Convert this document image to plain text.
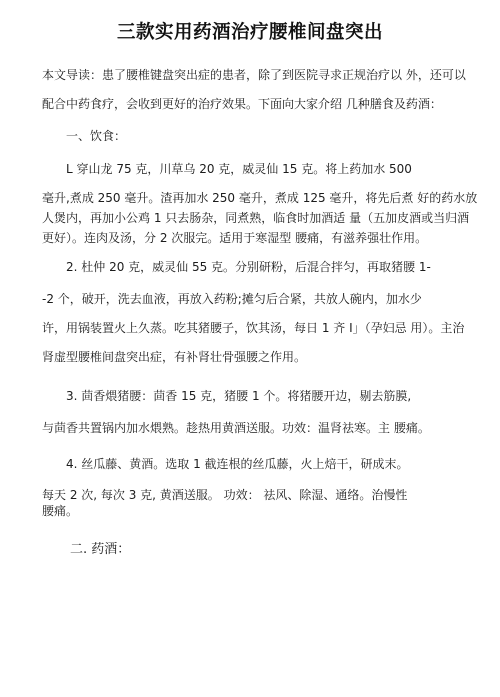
三款实用药酒治疗腰椎间盘突出

本文导读：患了腰椎键盘突出症的患者，除了到医院寻求正规治疗以 外，还可以

配合中药食疗，会收到更好的治疗效果。下面向大家介绍 几种膳食及药酒：

一、饮食：

L 穿山龙 75 克，川草乌 20 克，威灵仙 15 克。将上药加水 500

毫升,煮成 250 毫升。渣再加水 250 毫升，煮成 125 毫升，将先后煮 好的药水放

人煲内，再加小公鸡 1 只去肠杂，同煮熟，临食时加酒适 量（五加皮酒或当归酒

更好）。连肉及汤，分 2 次服完。适用于寒湿型 腰痛，有滋养强壮作用。

2. 杜仲 20 克，威灵仙 55 克。分别研粉，后混合拌匀，再取猪腰 1-

-2 个，破开，洗去血液，再放入药粉;摊匀后合紧，共放人碗内，加水少

许，用锅装置火上久蒸。吃其猪腰子，饮其汤，每日 1 齐 I」（孕妇忌 用）。主治

肾虚型腰椎间盘突出症，有补肾壮骨强腰之作用。

3. 茴香煨猪腰：茴香 15 克，猪腰 1 个。将猪腰开边，剔去筋膜,

与茴香共置锅内加水煨熟。趁热用黄酒送服。功效：温肾祛寒。主 腰痛。

4. 丝瓜藤、黄酒。选取 1 截连根的丝瓜藤，火上焙干，研成末。

每天 2 次, 每次 3 克, 黄酒送服。 功效： 祛风、除湿、通络。治慢性

腰痛。

二. 药酒：
